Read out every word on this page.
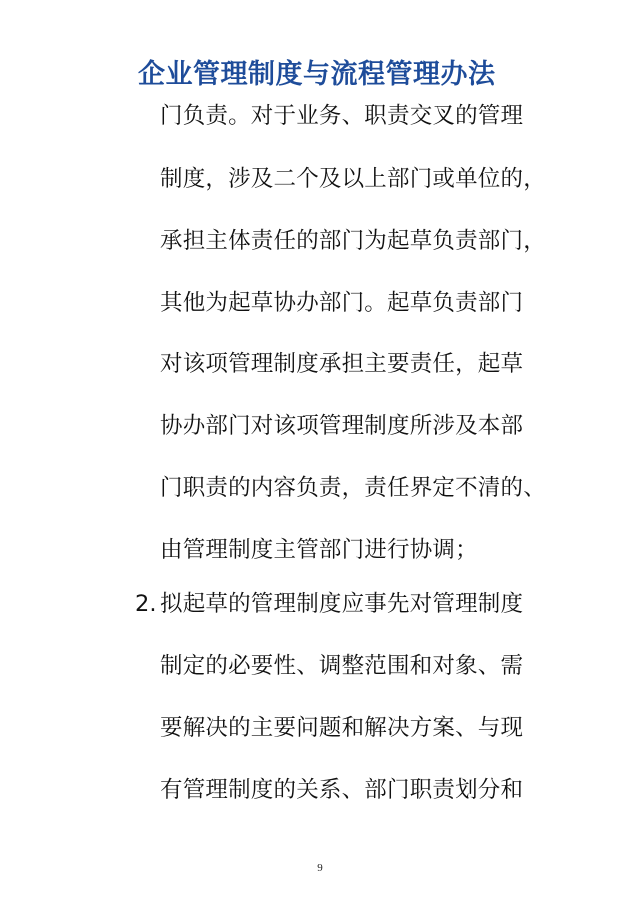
企业管理制度与流程管理办法
门负责。对于业务、职责交叉的管理
制度，涉及二个及以上部门或单位的，
承担主体责任的部门为起草负责部门，
其他为起草协办部门。起草负责部门
对该项管理制度承担主要责任，起草
协办部门对该项管理制度所涉及本部
门职责的内容负责，责任界定不清的、
由管理制度主管部门进行协调；
2. 拟起草的管理制度应事先对管理制度
制定的必要性、调整范围和对象、需
要解决的主要问题和解决方案、与现
有管理制度的关系、部门职责划分和
9
